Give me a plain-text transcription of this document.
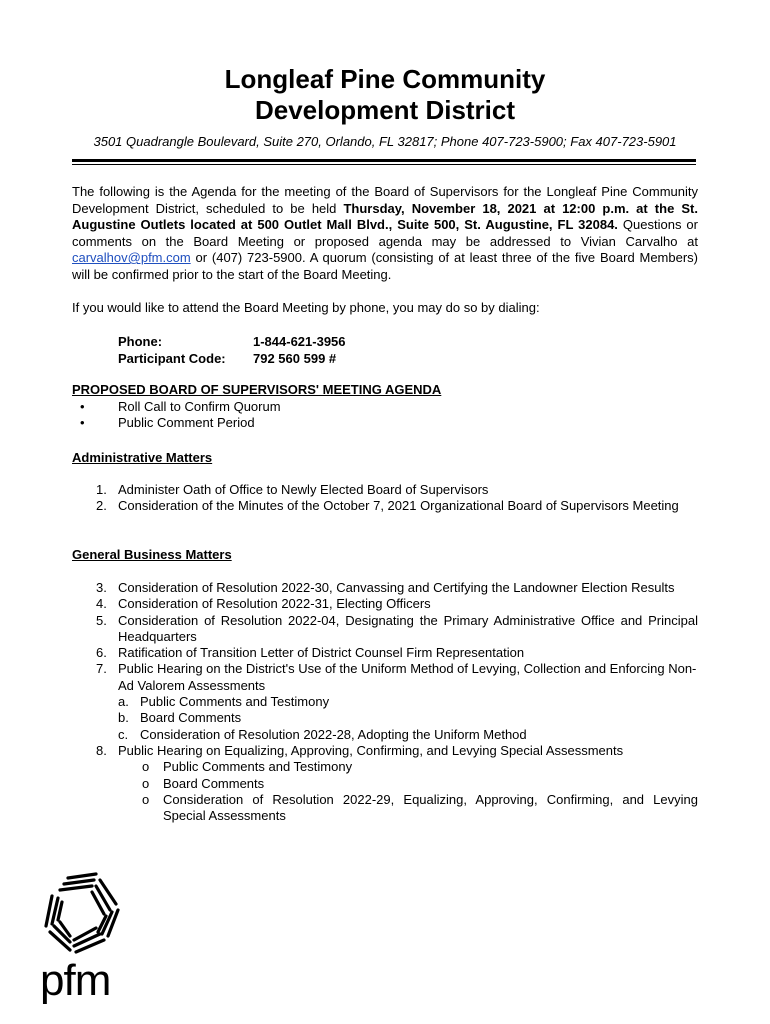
Longleaf Pine Community
Development District
3501 Quadrangle Boulevard, Suite 270, Orlando, FL 32817; Phone 407-723-5900; Fax 407-723-5901
The following is the Agenda for the meeting of the Board of Supervisors for the Longleaf Pine Community Development District, scheduled to be held Thursday, November 18, 2021 at 12:00 p.m. at the St. Augustine Outlets located at 500 Outlet Mall Blvd., Suite 500, St. Augustine, FL 32084. Questions or comments on the Board Meeting or proposed agenda may be addressed to Vivian Carvalho at carvalhov@pfm.com or (407) 723-5900. A quorum (consisting of at least three of the five Board Members) will be confirmed prior to the start of the Board Meeting.
If you would like to attend the Board Meeting by phone, you may do so by dialing:
Phone:	1-844-621-3956
Participant Code:	792 560 599 #
PROPOSED BOARD OF SUPERVISORS' MEETING AGENDA
•	Roll Call to Confirm Quorum
•	Public Comment Period
Administrative Matters
1. Administer Oath of Office to Newly Elected Board of Supervisors
2. Consideration of the Minutes of the October 7, 2021 Organizational Board of Supervisors Meeting
General Business Matters
3. Consideration of Resolution 2022-30, Canvassing and Certifying the Landowner Election Results
4. Consideration of Resolution 2022-31, Electing Officers
5. Consideration of Resolution 2022-04, Designating the Primary Administrative Office and Principal Headquarters
6. Ratification of Transition Letter of District Counsel Firm Representation
7. Public Hearing on the District's Use of the Uniform Method of Levying, Collection and Enforcing Non-Ad Valorem Assessments
a. Public Comments and Testimony
b. Board Comments
c. Consideration of Resolution 2022-28, Adopting the Uniform Method
8. Public Hearing on Equalizing, Approving, Confirming, and Levying Special Assessments
o	Public Comments and Testimony
o	Board Comments
o	Consideration of Resolution 2022-29, Equalizing, Approving, Confirming, and Levying Special Assessments
pfm
